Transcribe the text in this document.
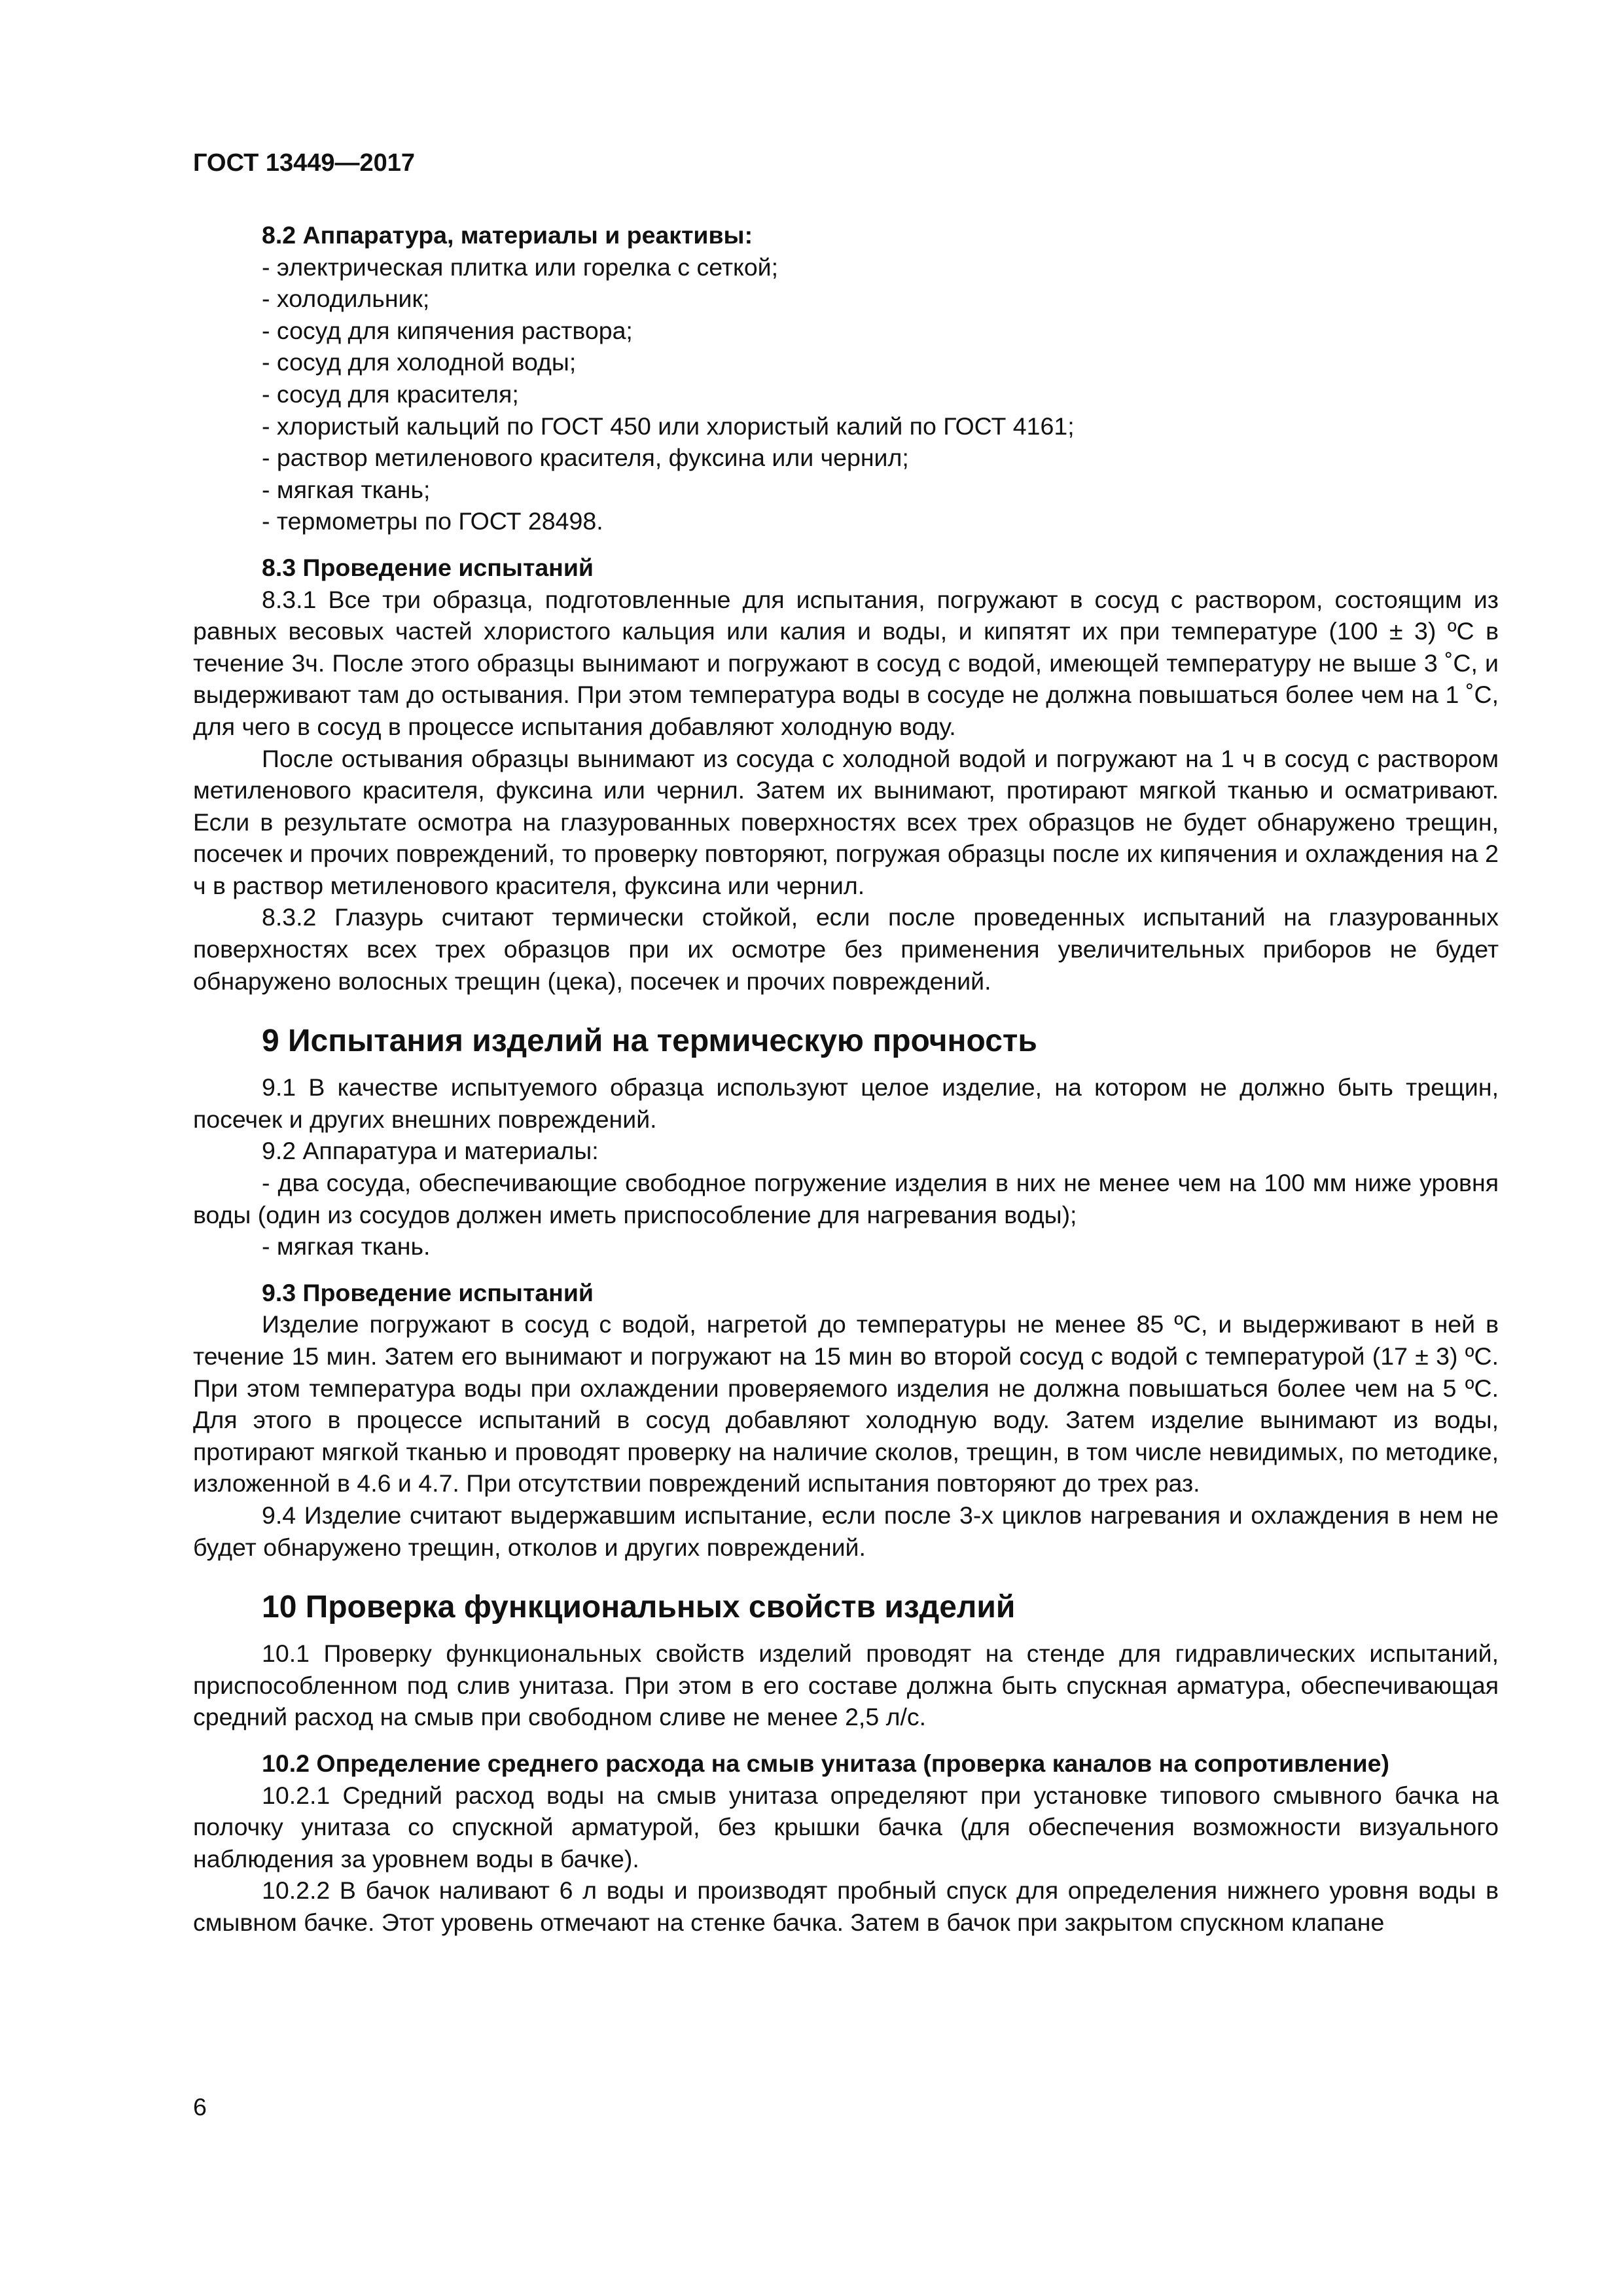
ГОСТ 13449—2017

8.2 Аппаратура, материалы и реактивы:

- электрическая плитка или горелка с сеткой;
- холодильник;
- сосуд для кипячения раствора;
- сосуд для холодной воды;
- сосуд для красителя;
- хлористый кальций по ГОСТ 450 или хлористый калий по ГОСТ 4161;
- раствор метиленового красителя, фуксина или чернил;
- мягкая ткань;
- термометры по ГОСТ 28498.

8.3 Проведение испытаний

8.3.1 Все три образца, подготовленные для испытания, погружают в сосуд с раствором, состоящим из равных весовых частей хлористого кальция или калия и воды, и кипятят их при температуре (100 ± 3) ºС в течение 3ч. После этого образцы вынимают и погружают в сосуд с водой, имеющей температуру не выше 3 ˚С, и выдерживают там до остывания. При этом температура воды в сосуде не должна повышаться более чем на 1 ˚С, для чего в сосуд в процессе испытания добавляют холодную воду.

После остывания образцы вынимают из сосуда с холодной водой и погружают на 1 ч в сосуд с раствором метиленового красителя, фуксина или чернил. Затем их вынимают, протирают мягкой тканью и осматривают. Если в результате осмотра на глазурованных поверхностях всех трех образцов не будет обнаружено трещин, посечек и прочих повреждений, то проверку повторяют, погружая образцы после их кипячения и охлаждения на 2 ч в раствор метиленового красителя, фуксина или чернил.

8.3.2 Глазурь считают термически стойкой, если после проведенных испытаний на глазурованных поверхностях всех трех образцов при их осмотре без применения увеличительных приборов не будет обнаружено волосных трещин (цека), посечек и прочих повреждений.

9 Испытания изделий на термическую прочность

9.1 В качестве испытуемого образца используют целое изделие, на котором не должно быть трещин, посечек и других внешних повреждений.

9.2 Аппаратура и материалы:

- два сосуда, обеспечивающие свободное погружение изделия в них не менее чем на 100 мм ниже уровня воды (один из сосудов должен иметь приспособление для нагревания воды);

- мягкая ткань.

9.3 Проведение испытаний

Изделие погружают в сосуд с водой, нагретой до температуры не менее 85 ºС, и выдерживают в ней в течение 15 мин. Затем его вынимают и погружают на 15 мин во второй сосуд с водой с температурой (17 ± 3) ºС. При этом температура воды при охлаждении проверяемого изделия не должна повышаться более чем на 5 ºС. Для этого в процессе испытаний в сосуд добавляют холодную воду. Затем изделие вынимают из воды, протирают мягкой тканью и проводят проверку на наличие сколов, трещин, в том числе невидимых, по методике, изложенной в 4.6 и 4.7. При отсутствии повреждений испытания повторяют до трех раз.

9.4 Изделие считают выдержавшим испытание, если после 3-х циклов нагревания и охлаждения в нем не будет обнаружено трещин, отколов и других повреждений.

10 Проверка функциональных свойств изделий

10.1 Проверку функциональных свойств изделий проводят на стенде для гидравлических испытаний, приспособленном под слив унитаза. При этом в его составе должна быть спускная арматура, обеспечивающая средний расход на смыв при свободном сливе не менее 2,5 л/с.

10.2 Определение среднего расхода на смыв унитаза (проверка каналов на сопротивление)

10.2.1 Средний расход воды на смыв унитаза определяют при установке типового смывного бачка на полочку унитаза со спускной арматурой, без крышки бачка (для обеспечения возможности визуального наблюдения за уровнем воды в бачке).

10.2.2 В бачок наливают 6 л воды и производят пробный спуск для определения нижнего уровня воды в смывном бачке. Этот уровень отмечают на стенке бачка. Затем в бачок при закрытом спускном клапане

6
